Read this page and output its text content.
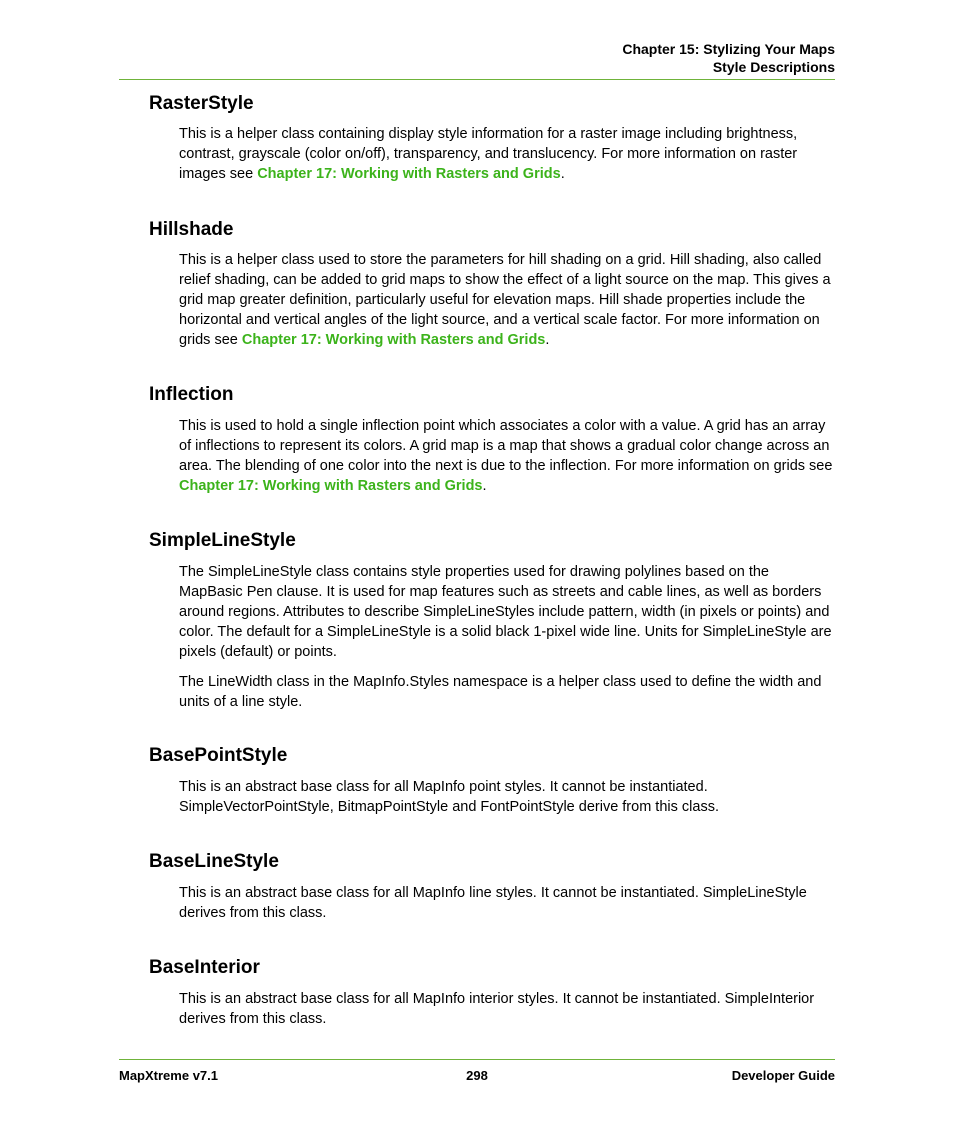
Chapter 15: Stylizing Your Maps
Style Descriptions
RasterStyle

This is a helper class containing display style information for a raster image including brightness, contrast, grayscale (color on/off), transparency, and translucency. For more information on raster images see Chapter 17: Working with Rasters and Grids.

Hillshade

This is a helper class used to store the parameters for hill shading on a grid. Hill shading, also called relief shading, can be added to grid maps to show the effect of a light source on the map. This gives a grid map greater definition, particularly useful for elevation maps. Hill shade properties include the horizontal and vertical angles of the light source, and a vertical scale factor. For more information on grids see Chapter 17: Working with Rasters and Grids.

Inflection

This is used to hold a single inflection point which associates a color with a value. A grid has an array of inflections to represent its colors. A grid map is a map that shows a gradual color change across an area. The blending of one color into the next is due to the inflection. For more information on grids see Chapter 17: Working with Rasters and Grids.

SimpleLineStyle

The SimpleLineStyle class contains style properties used for drawing polylines based on the MapBasic Pen clause. It is used for map features such as streets and cable lines, as well as borders around regions. Attributes to describe SimpleLineStyles include pattern, width (in pixels or points) and color. The default for a SimpleLineStyle is a solid black 1-pixel wide line. Units for SimpleLineStyle are pixels (default) or points.

The LineWidth class in the MapInfo.Styles namespace is a helper class used to define the width and units of a line style.

BasePointStyle

This is an abstract base class for all MapInfo point styles. It cannot be instantiated. SimpleVectorPointStyle, BitmapPointStyle and FontPointStyle derive from this class.

BaseLineStyle

This is an abstract base class for all MapInfo line styles. It cannot be instantiated. SimpleLineStyle derives from this class.

BaseInterior

This is an abstract base class for all MapInfo interior styles. It cannot be instantiated. SimpleInterior derives from this class.

MapXtreme v7.1	298	Developer Guide
